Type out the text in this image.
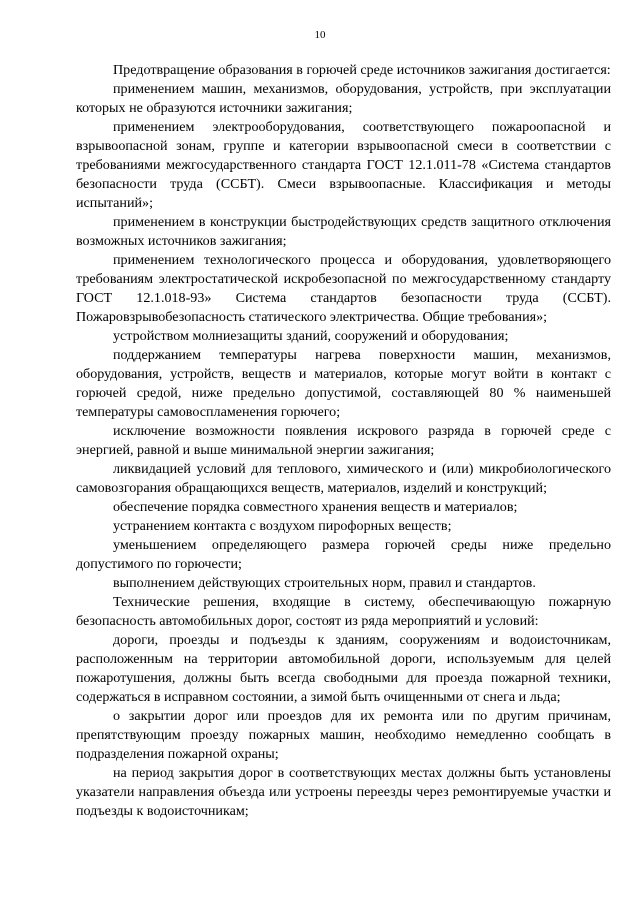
10

Предотвращение образования в горючей среде источников зажигания достигается:

применением машин, механизмов, оборудования, устройств, при эксплуатации которых не образуются источники зажигания;

применением электрооборудования, соответствующего пожароопасной и взрывоопасной зонам, группе и категории взрывоопасной смеси в соответствии с требованиями межгосударственного стандарта ГОСТ 12.1.011-78 «Система стандартов безопасности труда (ССБТ). Смеси взрывоопасные. Классификация и методы испытаний»;

применением в конструкции быстродействующих средств защитного отключения возможных источников зажигания;

применением технологического процесса и оборудования, удовлетворяющего требованиям электростатической искробезопасной по межгосударственному стандарту ГОСТ 12.1.018-93» Система стандартов безопасности труда (ССБТ). Пожаровзрывобезопасность статического электричества. Общие требования»;

устройством молниезащиты зданий, сооружений и оборудования;

поддержанием температуры нагрева поверхности машин, механизмов, оборудования, устройств, веществ и материалов, которые могут войти в контакт с горючей средой, ниже предельно допустимой, составляющей 80 % наименьшей температуры самовоспламенения горючего;

исключение возможности появления искрового разряда в горючей среде с энергией, равной и выше минимальной энергии зажигания;

ликвидацией условий для теплового, химического и (или) микробиологического самовозгорания обращающихся веществ, материалов, изделий и конструкций;

обеспечение порядка совместного хранения веществ и материалов;

устранением контакта с воздухом пирофорных веществ;

уменьшением определяющего размера горючей среды ниже предельно допустимого по горючести;

выполнением действующих строительных норм, правил и стандартов.

Технические решения, входящие в систему, обеспечивающую пожарную безопасность автомобильных дорог, состоят из ряда мероприятий и условий:

дороги, проезды и подъезды к зданиям, сооружениям и водоисточникам, расположенным на территории автомобильной дороги, используемым для целей пожаротушения, должны быть всегда свободными для проезда пожарной техники, содержаться в исправном состоянии, а зимой быть очищенными от снега и льда;

о закрытии дорог или проездов для их ремонта или по другим причинам, препятствующим проезду пожарных машин, необходимо немедленно сообщать в подразделения пожарной охраны;

на период закрытия дорог в соответствующих местах должны быть установлены указатели направления объезда или устроены переезды через ремонтируемые участки и подъезды к водоисточникам;
